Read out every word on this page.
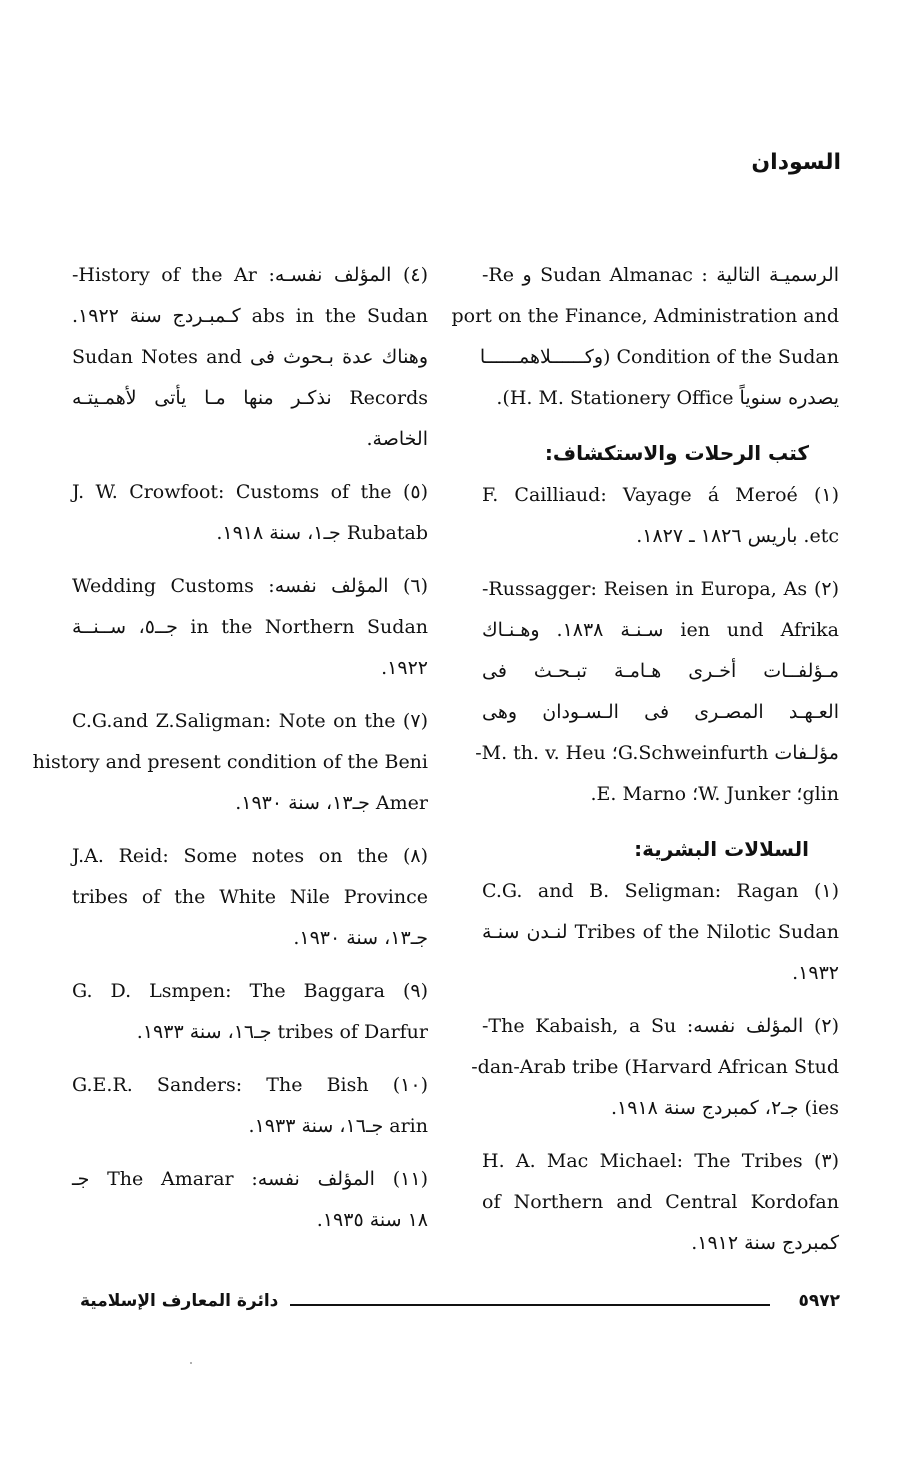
السودان
الرسميـة التالية : Sudan Almanac و Re-
port on the Finance, Administration and
Condition of the Sudan (وكــــــلاهمــــــا
يصدره سنوياً H. M. Stationery Office).
كتب الرحلات والاستكشاف:
(١) F. Cailliaud: Vayage á Meroé
etc. باريس ١٨٢٦ ـ ١٨٢٧.
(٢) Russagger: Reisen in Europa, As-
ien und Afrika سـنـة ١٨٣٨. وهـنـاك
مـؤلفــات أخـرى هـامـة تبـحـث فى
العـهـد المصـرى فى الـسـودان وهى
مؤلـفات G.Schweinfurth؛ M. th. v. Heu-
glin؛ W. Junker؛ E. Marno.
السلالات البشرية:
(١) C.G. and B. Seligman: Ragan
Tribes of the Nilotic Sudan لنـدن سنـة
١٩٣٢.
(٢) المؤلف نفسه: The Kabaish, a Su-
dan-Arab tribe (Harvard African Stud-
ies) جـ٢، كمبردج سنة ١٩١٨.
(٣) H. A. Mac Michael: The Tribes
of Northern and Central Kordofan
كمبردج سنة ١٩١٢.
(٤) المؤلف نفسـه: History of the Ar-
abs in the Sudan كـمبـردج سنة ١٩٢٢.
وهناك عدة بـحوث فى Sudan Notes and
Records نذكـر منها مـا يأتى لأهمـيتـه
الخاصة.
(٥) J. W. Crowfoot: Customs of the
Rubatab جـ١، سنة ١٩١٨.
(٦) المؤلف نفسه: Wedding Customs
in the Northern Sudan جــ٥، ســنــة
١٩٢٢.
(٧) C.G.and Z.Saligman: Note on the
history and present condition of the Beni
Amer جـ١٣، سنة ١٩٣٠.
(٨) J.A. Reid: Some notes on the
tribes of the White Nile Province
جـ١٣، سنة ١٩٣٠.
(٩) G. D. Lsmpen: The Baggara
tribes of Darfur جـ١٦، سنة ١٩٣٣.
(١٠) G.E.R. Sanders: The Bish
arin جـ١٦، سنة ١٩٣٣.
(١١) المؤلف نفسه: The Amarar جـ
١٨ سنة ١٩٣٥.
دائرة المعارف الإسلامية	٥٩٧٢
